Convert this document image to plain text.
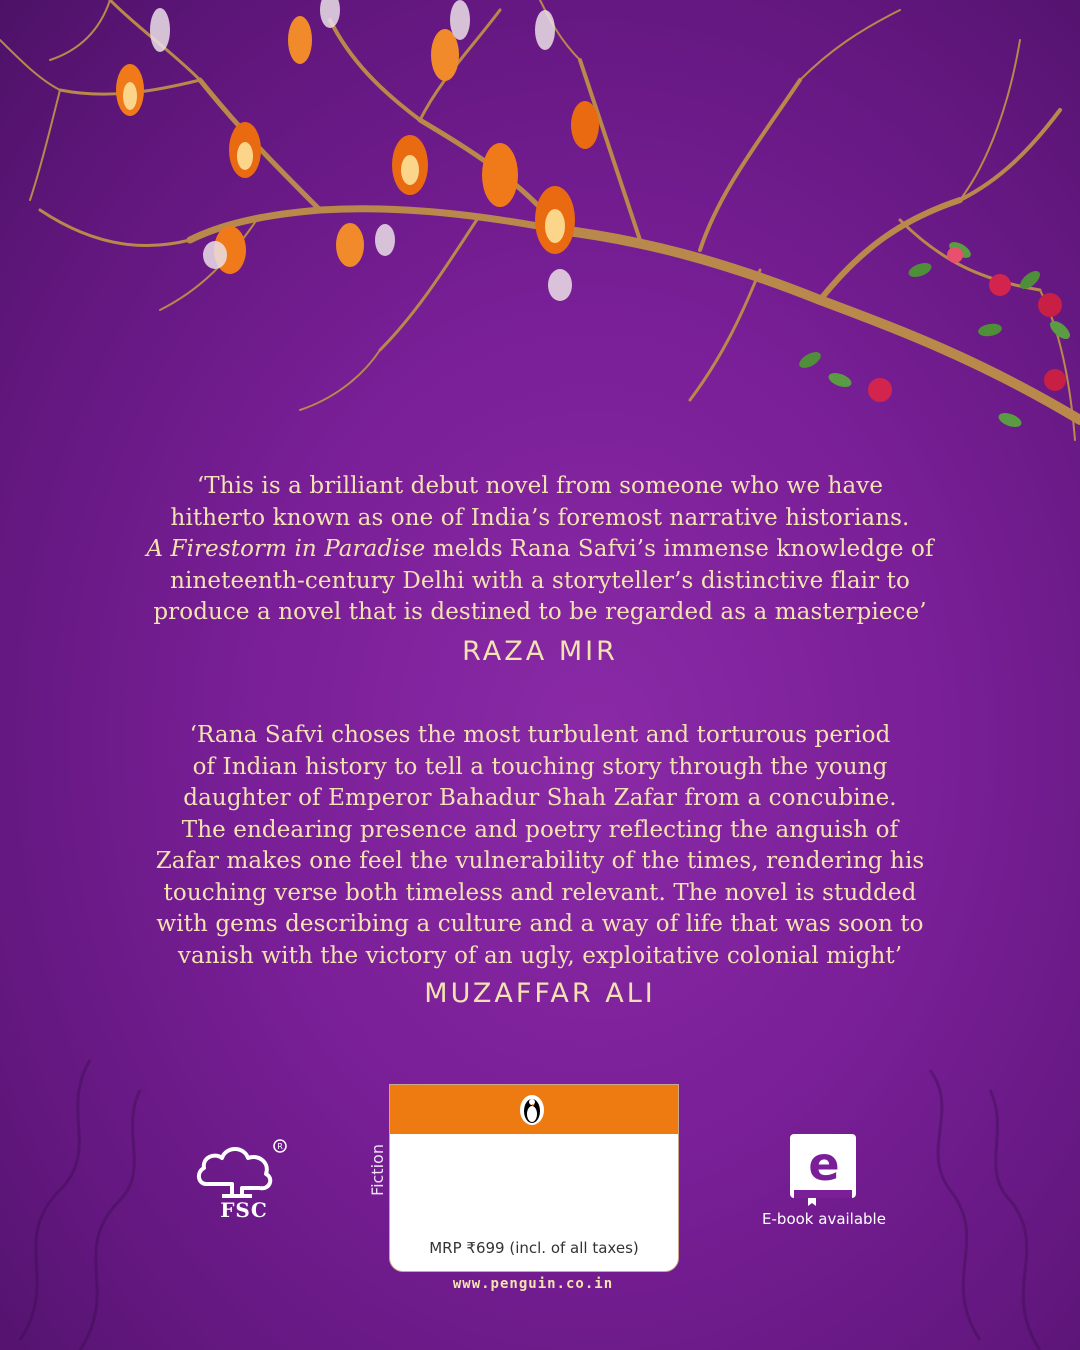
‘This is a brilliant debut novel from someone who we have

hitherto known as one of India’s foremost narrative historians.

A Firestorm in Paradise melds Rana Safvi’s immense knowledge of

nineteenth-century Delhi with a storyteller’s distinctive flair to

produce a novel that is destined to be regarded as a masterpiece’

RAZA MIR

‘Rana Safvi choses the most turbulent and torturous period

of Indian history to tell a touching story through the young

daughter of Emperor Bahadur Shah Zafar from a concubine.

The endearing presence and poetry reflecting the anguish of

Zafar makes one feel the vulnerability of the times, rendering his

touching verse both timeless and relevant. The novel is studded

with gems describing a culture and a way of life that was soon to

vanish with the victory of an ugly, exploitative colonial might’

MUZAFFAR ALI
R
FSC
Fiction
MRP ₹699 (incl. of all taxes)
www.penguin.co.in
e
E-book available
